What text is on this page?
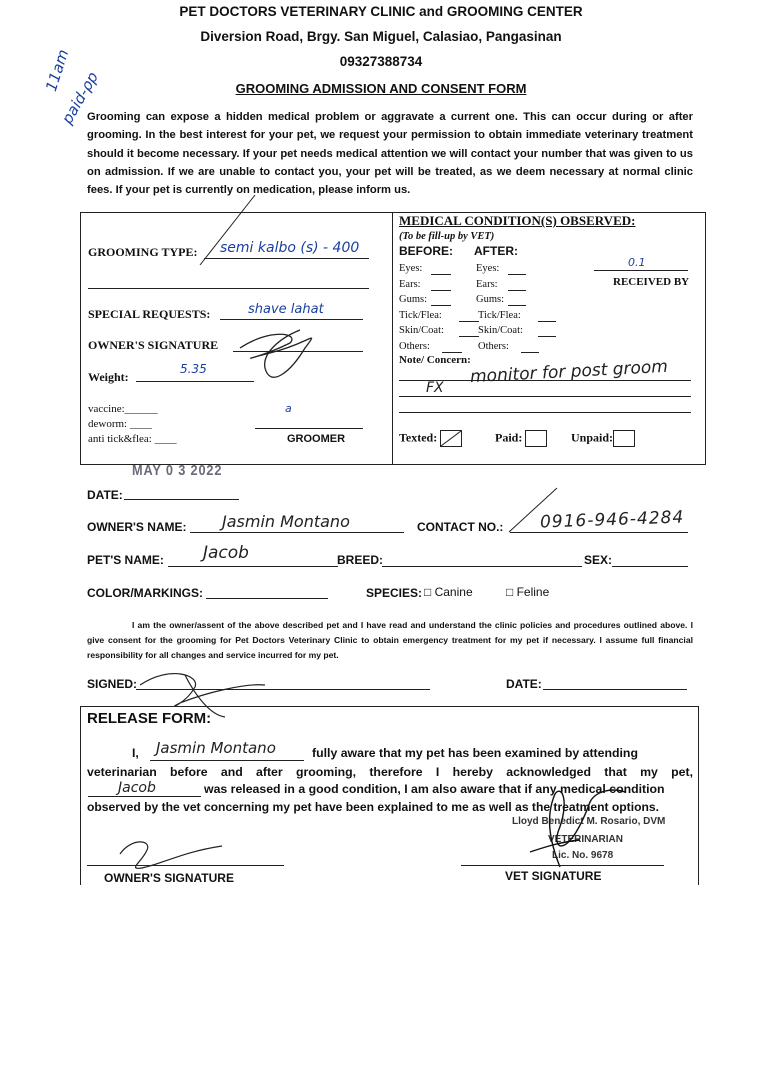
PET DOCTORS VETERINARY CLINIC and GROOMING CENTER
Diversion Road, Brgy. San Miguel, Calasiao, Pangasinan
09327388734
GROOMING ADMISSION AND CONSENT FORM
11am
paid-ρp
Grooming can expose a hidden medical problem or aggravate a current one. This can occur during or after grooming. In the best interest for your pet, we request your permission to obtain immediate veterinary treatment should it become necessary. If your pet needs medical attention we will contact your number that was given to us on admission. If we are unable to contact you, your pet will be treated, as we deem necessary at normal clinic fees. If your pet is currently on medication, please inform us.
GROOMING TYPE: semi kalbo (s) - 400
SPECIAL REQUESTS:	shave lahat
OWNER'S SIGNATURE
Weight:
5.35
vaccine:______
deworm: ____
anti tick&flea: ____
a
GROOMER
MEDICAL CONDITION(S) OBSERVED:
(To be fill-up by VET)
BEFORE: AFTER:
Eyes:	Eyes:
Ears:	Ears:
Gums:	Gums:
Tick/Flea:	Tick/Flea:
Skin/Coat:	Skin/Coat:
Others:	Others:
0.1
RECEIVED BY
Note/ Concern:
monitor for post groom
FX
Texted:	Paid:	Unpaid:
MAY 0 3 2022
DATE:
OWNER'S NAME: Jasmin Montano	CONTACT NO.: 0916-946-4284
PET'S NAME: Jacob	BREED:	SEX:
COLOR/MARKINGS:	SPECIES: □ Canine	□ Feline
I am the owner/assent of the above described pet and I have read and understand the clinic policies and procedures outlined above. I give consent for the grooming for Pet Doctors Veterinary Clinic to obtain emergency treatment for my pet if necessary. I assume full financial responsibility for all changes and service incurred for my pet.
SIGNED:	DATE:
RELEASE FORM:
I, Jasmin Montano	fully aware that my pet has been examined by attending
veterinarian before and after grooming, therefore I hereby acknowledged that my pet,
Jacob	was released in a good condition, I am also aware that if any medical condition
observed by the vet concerning my pet have been explained to me as well as the treatment options.
Lloyd Benedict M. Rosario, DVM
VETERINARIAN
Lic. No. 9678
OWNER'S SIGNATURE	VET SIGNATURE
